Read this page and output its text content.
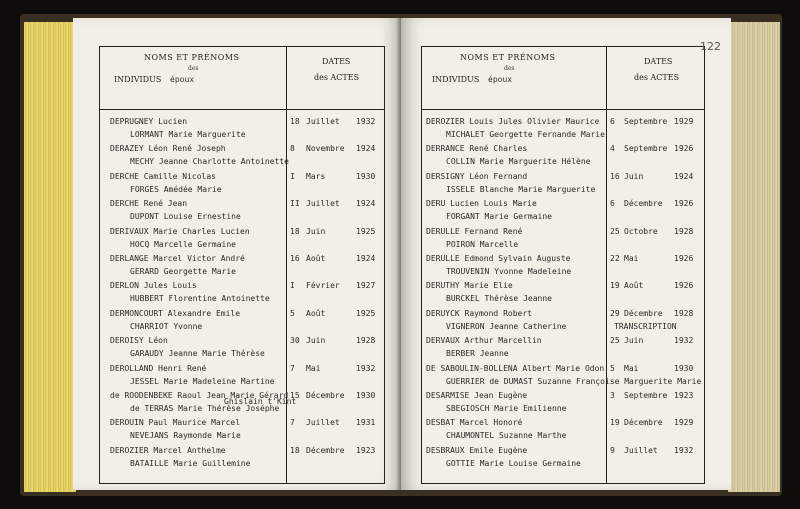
NOMS ET PRÉNOMS
des
INDIVIDUS époux
DATES
des ACTES
DEPRUGNEY Lucien
LORMANT Marie Marguerite
18 Juillet 1932
DERAZEY Léon René Joseph
MECHY Jeanne Charlotte Antoinette
8 Novembre 1924
DERCHE Camille Nicolas
FORGES Amédée Marie
I Mars	1930
DERCHE René Jean
DUPONT Louise Ernestine
II Juillet 1924
DERIVAUX Marie Charles Lucien
HOCQ Marcelle Germaine
18 Juin	1925
DERLANGE Marcel Victor André
GERARD Georgette Marie
16 Août	1924
DERLON Jules Louis
HUBBERT Florentine Antoinette
I Février 1927
DERMONCOURT Alexandre Emile
CHARRIOT Yvonne
5 Août	1925
DEROISY Léon
GARAUDY Jeanne Marie Thérèse
30 Juin	1928
DEROLLAND Henri René
JESSEL Marie Madeleine Martine
7 Mai	1932
de ROODENBEKE Raoul Jean Marie Gérard
Ghislain t'Kint
de TERRAS Marie Thérèse Joséphe
15 Décembre 1930
DEROUIN Paul Maurice Marcel
NEVEJANS Raymonde Marie
7 Juillet 1931
DEROZIER Marcel Anthelme
BATAILLE Marie Guillemine
18 Décembre 1923
NOMS ET PRÉNOMS
des
INDIVIDUS époux
DATES
des ACTES
DEROZIER Louis Jules Olivier Maurice
MICHALET Georgette Fernande Marie
6 Septembre 1929
DERRANCE René Charles
COLLIN Marie Marguerite Hélène
4 Septembre 1926
DERSIGNY Léon Fernand
ISSELE Blanche Marie Marguerite
16 Juin	1924
DERU Lucien Louis Marie
FORGANT Marie Germaine
6 Décembre 1926
DERULLE Fernand René
POIRON Marcelle
25 Octobre 1928
DERULLE Edmond Sylvain Auguste
TROUVENIN Yvonne Madeleine
22 Mai	1926
DERUTHY Marie Elie
BURCKEL Thérèse Jeanne
19 Août	1926
DERUYCK Raymond Robert
VIGNERON Jeanne Catherine
29 Décembre 1928
TRANSCRIPTION
DERVAUX Arthur Marcellin
BERBER Jeanne
25 Juin	1932
DE SABOULIN-BOLLENA Albert Marie Odon
GUERRIER de DUMAST Suzanne Françoise Marguerite Marie
5 Mai	1930
DESARMISE Jean Eugène
SBEGIOSCH Marie Emilienne
3 Septembre 1923
DESBAT Marcel Honoré
CHAUMONTEL Suzanne Marthe
19 Décembre 1929
DESBRAUX Emile Eugène
GOTTIE Marie Louise Germaine
9 Juillet 1932
122
